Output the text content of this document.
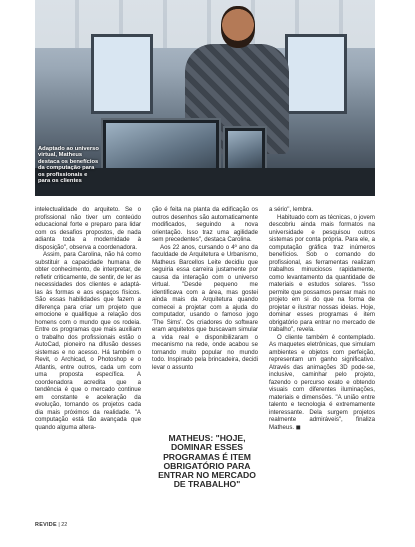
Adaptado ao universo virtual, Matheus destaca os benefícios da computação para os profissionais e para os clientes

intelectualidade do arquiteto. Se o profissional não tiver um conteúdo educacional forte e preparo para lidar com os desafios propostos, de nada adianta toda a modernidade à disposição", observa a coordenadora.

Assim, para Carolina, não há como substituir a capacidade humana de obter conhecimento, de interpretar, de refletir criticamente, de sentir, de ler as necessidades dos clientes e adaptá-las às formas e aos espaços físicos. São essas habilidades que fazem a diferença para criar um projeto que emocione e qualifique a relação dos homens com o mundo que os rodeia. Entre os programas que mais auxiliam o trabalho dos profissionais estão o AutoCad, pioneiro na difusão desses sistemas e no acesso. Há também o Revit, o Archicad, o Photoshop e o Atlantis, entre outros, cada um com uma proposta específica. A coordenadora acredita que a tendência é que o mercado continue em constante e aceleração da evolução, tornando os projetos cada dia mais próximos da realidade. "A computação está tão avançada que quando alguma altera-

ção é feita na planta da edificação os outros desenhos são automaticamente modificados, seguindo a nova orientação. Isso traz uma agilidade sem precedentes", destaca Carolina.

Aos 22 anos, cursando o 4º ano da faculdade de Arquitetura e Urbanismo, Matheus Barcellos Leite decidiu que seguiria essa carreira justamente por causa da interação com o universo virtual. "Desde pequeno me identificava com a área, mas gostei ainda mais da Arquitetura quando comecei a projetar com a ajuda do computador, usando o famoso jogo 'The Sims'. Os criadores do software eram arquitetos que buscavam simular a vida real e disponibilizaram o mecanismo na rede, onde acabou se tornando muito popular no mundo todo. Inspirado pela brincadeira, decidi levar o assunto

a sério", lembra.

Habituado com as técnicas, o jovem descobriu ainda mais formatos na universidade e pesquisou outros sistemas por conta própria. Para ele, a computação gráfica traz inúmeros benefícios. Sob o comando do profissional, as ferramentas realizam trabalhos minuciosos rapidamente, como levantamento da quantidade de materiais e estudos solares. "Isso permite que possamos pensar mais no projeto em si do que na forma de projetar e ilustrar nossas ideias. Hoje, dominar esses programas é item obrigatório para entrar no mercado de trabalho", revela.

O cliente também é contemplado. As maquetes eletrônicas, que simulam ambientes e objetos com perfeição, representam um ganho significativo. Através das animações 3D pode-se, inclusive, caminhar pelo projeto, fazendo o percurso exato e obtendo visuais com diferentes iluminações, materiais e dimensões. "A união entre talento e tecnologia é extremamente interessante. Dela surgem projetos realmente admiráveis", finaliza Matheus. ◼

MATHEUS: "HOJE, DOMINAR ESSES PROGRAMAS É ITEM OBRIGATÓRIO PARA ENTRAR NO MERCADO DE TRABALHO"
REVIDE | 22
